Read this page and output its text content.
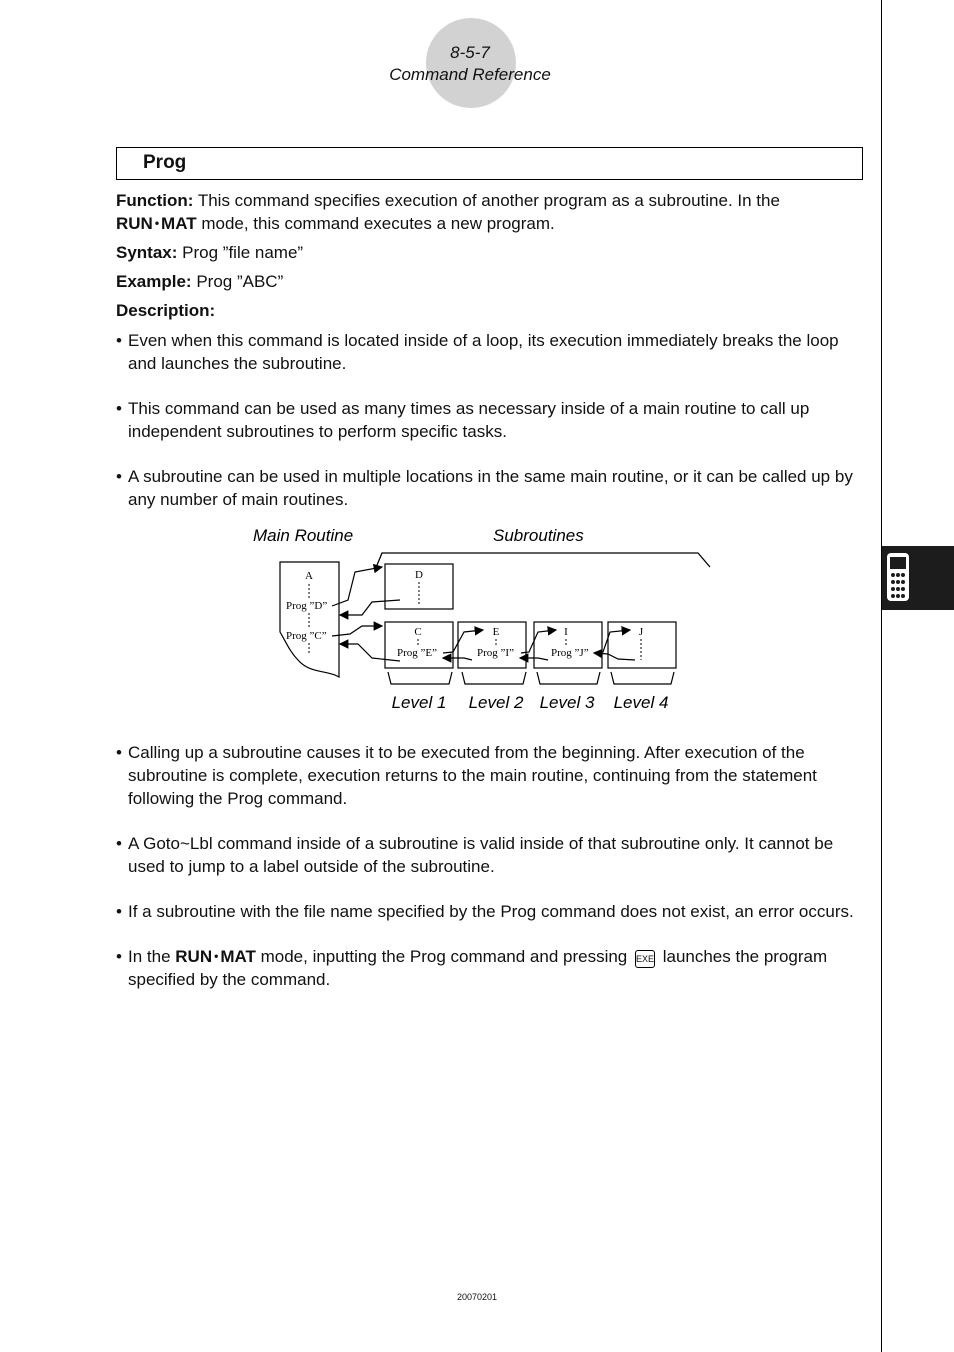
8-5-7
Command Reference
Prog

Function: This command specifies execution of another program as a subroutine. In the RUN • MAT mode, this command executes a new program.

Syntax: Prog ”file name”

Example: Prog ”ABC”

Description:

• Even when this command is located inside of a loop, its execution immediately breaks the loop and launches the subroutine.
• This command can be used as many times as necessary inside of a main routine to call up independent subroutines to perform specific tasks.
• A subroutine can be used in multiple locations in the same main routine, or it can be called up by any number of main routines.
• Calling up a subroutine causes it to be executed from the beginning. After execution of the subroutine is complete, execution returns to the main routine, continuing from the statement following the Prog command.
• A Goto~Lbl command inside of a subroutine is valid inside of that subroutine only. It cannot be used to jump to a label outside of the subroutine.
• If a subroutine with the file name specified by the Prog command does not exist, an error occurs.
• In the RUN • MAT mode, inputting the Prog command and pressing EXE launches the program specified by the command.
Main Routine	Subroutines
A
Prog ”D”
Prog ”C”
D
C
Prog ”E”
E
Prog ”I”
I
Prog ”J”
J
Level 1 Level 2 Level 3 Level 4
20070201
